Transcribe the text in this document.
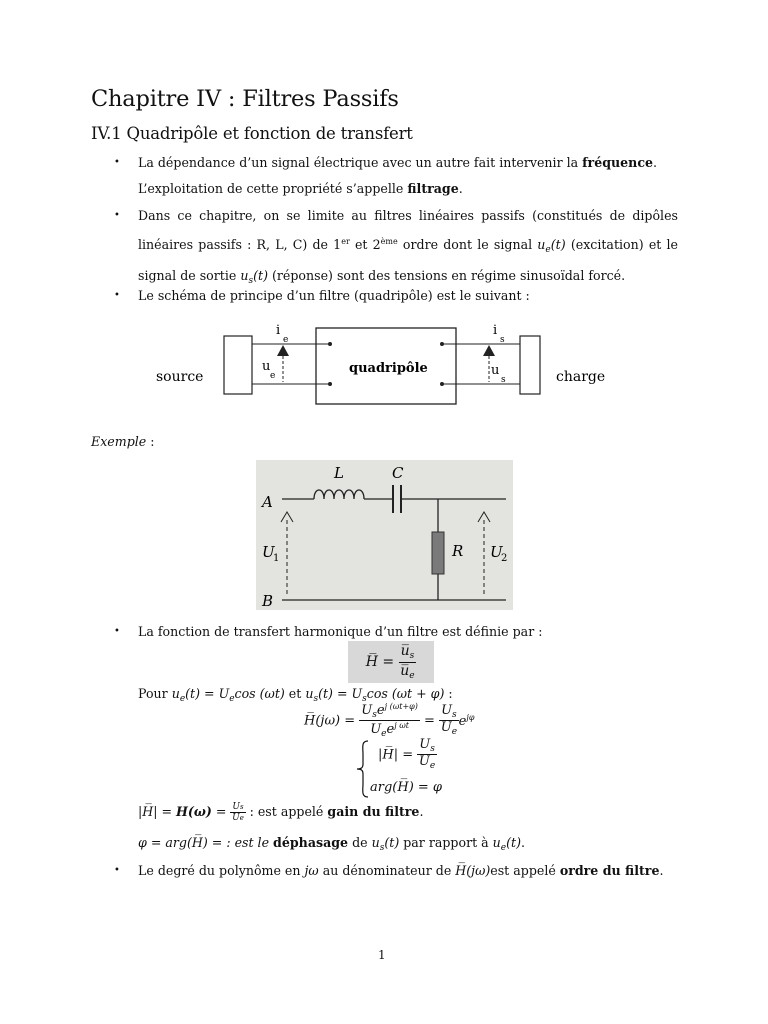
Chapitre IV : Filtres Passifs
IV.1 Quadripôle et fonction de transfert
• La dépendance d’un signal électrique avec un autre fait intervenir la fréquence.
L’exploitation de cette propriété s’appelle filtrage.
• Dans ce chapitre, on se limite au filtres linéaires passifs (constitués de dipôles linéaires passifs : R, L, C) de 1er et 2ème ordre dont le signal $u_e(t)$ (excitation) et le signal de sortie $u_s(t)$ (réponse) sont des tensions en régime sinusoïdal forcé.
• Le schéma de principe d’un filtre (quadripôle) est le suivant :
source	charge
quadripôle
i
e
u
e
i
s
u
s
Exemple :
L	C
A
B
U
1	R U
2
• La fonction de transfert harmonique d’un filtre est définie par :
H̅ = $\frac{u̅_s}{u̅_e}$
Pour $u_e(t) = U_e\cos$ (ωt) et $u_s(t) = U_s\cos$ (ωt + φ) :
H̅(jω) = $\frac{U_se^{j (\omega t+\varphi)}}{U_ee^{j \omega t}} = \frac{U_s}{U_e} e^{j\varphi}$
|H̅| = $\frac{U_s}{U_e}$
arg(H̅) = φ
|H̅| = $H(\omega) = \frac{Us}{Ue}$ : est appelé gain du filtre.
φ = arg(H̅) = : est le déphasage de $u_s(t)$ par rapport à $u_e(t)$.
• Le degré du polynôme en jω au dénominateur de H̅(jω)est appelé ordre du filtre.
1
